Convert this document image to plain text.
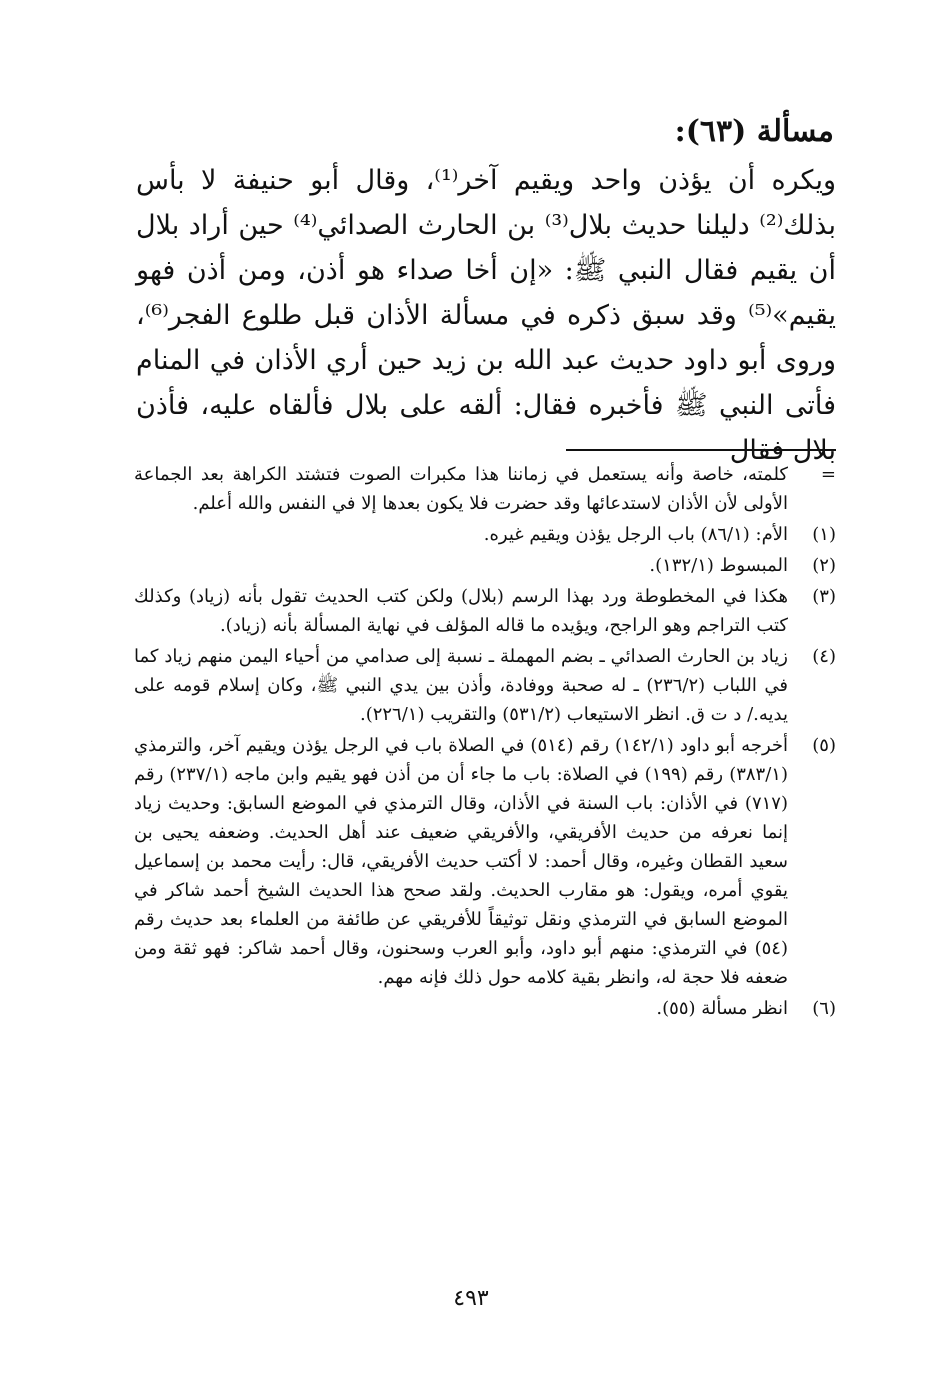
مسألة (٦٣):

ويكره أن يؤذن واحد ويقيم آخر⁽¹⁾، وقال أبو حنيفة لا بأس بذلك⁽²⁾ دليلنا حديث بلال⁽³⁾ بن الحارث الصدائي⁽⁴⁾ حين أراد بلال أن يقيم فقال النبي ﷺ: «إن أخا صداء هو أذن، ومن أذن فهو يقيم»⁽⁵⁾ وقد سبق ذكره في مسألة الأذان قبل طلوع الفجر⁽⁶⁾، وروى أبو داود حديث عبد الله بن زيد حين أري الأذان في المنام فأتى النبي ﷺ فأخبره فقال: ألقه على بلال فألقاه عليه، فأذن بلال فقال

=
كلمته، خاصة وأنه يستعمل في زماننا هذا مكبرات الصوت فتشتد الكراهة بعد الجماعة الأولى لأن الأذان لاستدعائها وقد حضرت فلا يكون بعدها إلا في النفس والله أعلم.
(١)
الأم: (٨٦/١) باب الرجل يؤذن ويقيم غيره.
(٢)
المبسوط (١٣٢/١).
(٣)
هكذا في المخطوطة ورد بهذا الرسم (بلال) ولكن كتب الحديث تقول بأنه (زياد) وكذلك كتب التراجم وهو الراجح، ويؤيده ما قاله المؤلف في نهاية المسألة بأنه (زياد).
(٤)
زياد بن الحارث الصدائي ـ بضم المهملة ـ نسبة إلى صدامي من أحياء اليمن منهم زياد كما في اللباب (٢٣٦/٢) ـ له صحبة ووفادة، وأذن بين يدي النبي ﷺ، وكان إسلام قومه على يديه./ د ت ق. انظر الاستيعاب (٥٣١/٢) والتقريب (٢٢٦/١).
(٥)
أخرجه أبو داود (١٤٢/١) رقم (٥١٤) في الصلاة باب في الرجل يؤذن ويقيم آخر، والترمذي (٣٨٣/١) رقم (١٩٩) في الصلاة: باب ما جاء أن من أذن فهو يقيم وابن ماجه (٢٣٧/١) رقم (٧١٧) في الأذان: باب السنة في الأذان، وقال الترمذي في الموضع السابق: وحديث زياد إنما نعرفه من حديث الأفريقي، والأفريقي ضعيف عند أهل الحديث. وضعفه يحيى بن سعيد القطان وغيره، وقال أحمد: لا أكتب حديث الأفريقي، قال: رأيت محمد بن إسماعيل يقوي أمره، ويقول: هو مقارب الحديث. ولقد صحح هذا الحديث الشيخ أحمد شاكر في الموضع السابق في الترمذي ونقل توثيقاً للأفريقي عن طائفة من العلماء بعد حديث رقم (٥٤) في الترمذي: منهم أبو داود، وأبو العرب وسحنون، وقال أحمد شاكر: فهو ثقة ومن ضعفه فلا حجة له، وانظر بقية كلامه حول ذلك فإنه مهم.
(٦)
انظر مسألة (٥٥).
٤٩٣
